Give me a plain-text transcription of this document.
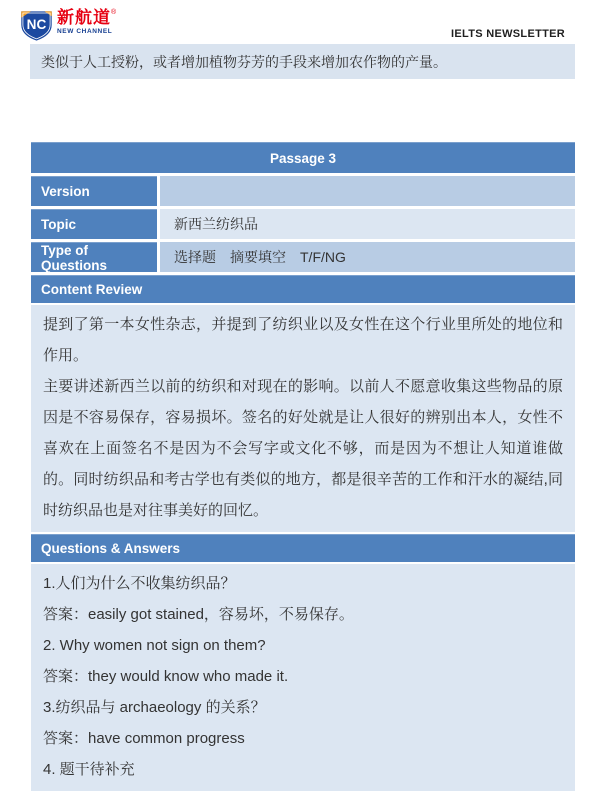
NC 新航道®
NEW CHANNEL	IELTS NEWSLETTER
类似于人工授粉，或者增加植物芬芳的手段来增加农作物的产量。
Passage 3
Version
Topic	新西兰纺织品
Type of Questions	选择题　摘要填空　T/F/NG
Content Review

提到了第一本女性杂志，并提到了纺织业以及女性在这个行业里所处的地位和作用。

主要讲述新西兰以前的纺织和对现在的影响。以前人不愿意收集这些物品的原因是不容易保存，容易损坏。签名的好处就是让人很好的辨别出本人，女性不喜欢在上面签名不是因为不会写字或文化不够，而是因为不想让人知道谁做的。同时纺织品和考古学也有类似的地方，都是很辛苦的工作和汗水的凝结,同时纺织品也是对往事美好的回忆。

Questions & Answers

1.人们为什么不收集纺织品？

答案：easily got stained，容易坏，不易保存。

2. Why women not sign on them?

答案：they would know who made it.

3.纺织品与 archaeology 的关系？

答案：have common progress

4. 题干待补充
